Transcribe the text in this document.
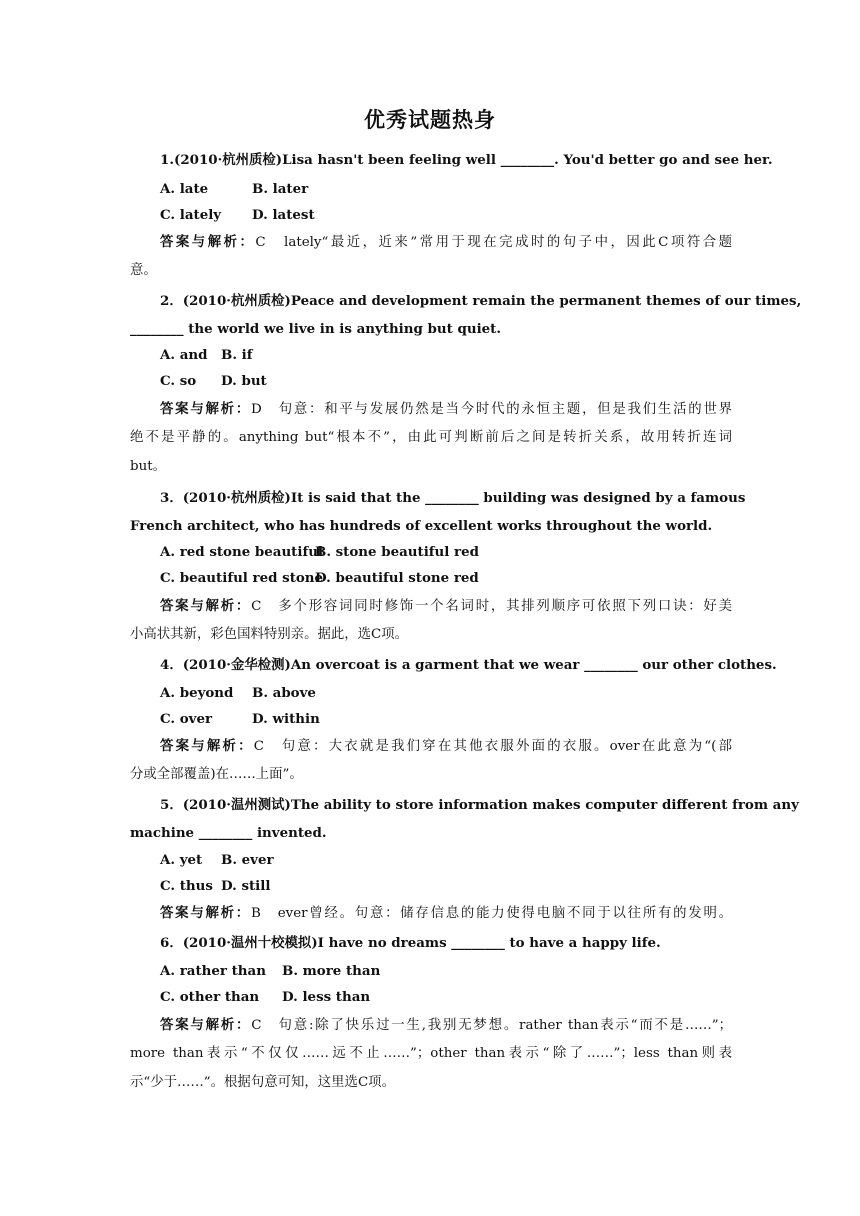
优秀试题热身
1.(2010·杭州质检)Lisa hasn't been feeling well ________. You'd better go and see her.
A. late	B. later
C. lately D. latest
答案与解析：C　lately“最近，近来”常用于现在完成时的句子中，因此C项符合题
意。
2．(2010·杭州质检)Peace and development remain the permanent themes of our times,
________ the world we live in is anything but quiet.
A. and B. if
C. so D. but
答案与解析：D　句意：和平与发展仍然是当今时代的永恒主题，但是我们生活的世界
绝不是平静的。anything but“根本不”，由此可判断前后之间是转折关系，故用转折连词
but。
3．(2010·杭州质检)It is said that the ________ building was designed by a famous
French architect, who has hundreds of excellent works throughout the world.
A. red stone beautifulB. stone beautiful red
C. beautiful red stoneD. beautiful stone red
答案与解析：C　多个形容词同时修饰一个名词时，其排列顺序可依照下列口诀：好美
小高状其新，彩色国料特别亲。据此，选C项。
4．(2010·金华检测)An overcoat is a garment that we wear ________ our other clothes.
A. beyond B. above
C. over	D. within
答案与解析：C　句意：大衣就是我们穿在其他衣服外面的衣服。over在此意为“(部
分或全部覆盖)在……上面”。
5．(2010·温州测试)The ability to store information makes computer different from any
machine ________ invented.
A. yet B. ever
C. thus D. still
答案与解析：B　ever曾经。句意：储存信息的能力使得电脑不同于以往所有的发明。
6．(2010·温州十校模拟)I have no dreams ________ to have a happy life.
A. rather than B. more than
C. other than D. less than
答案与解析：C　句意:除了快乐过一生,我别无梦想。rather than表示“而不是……”；
more than表示“不仅仅……远不止……”；other than表示“除了……”；less than则表
示“少于……”。根据句意可知，这里选C项。
